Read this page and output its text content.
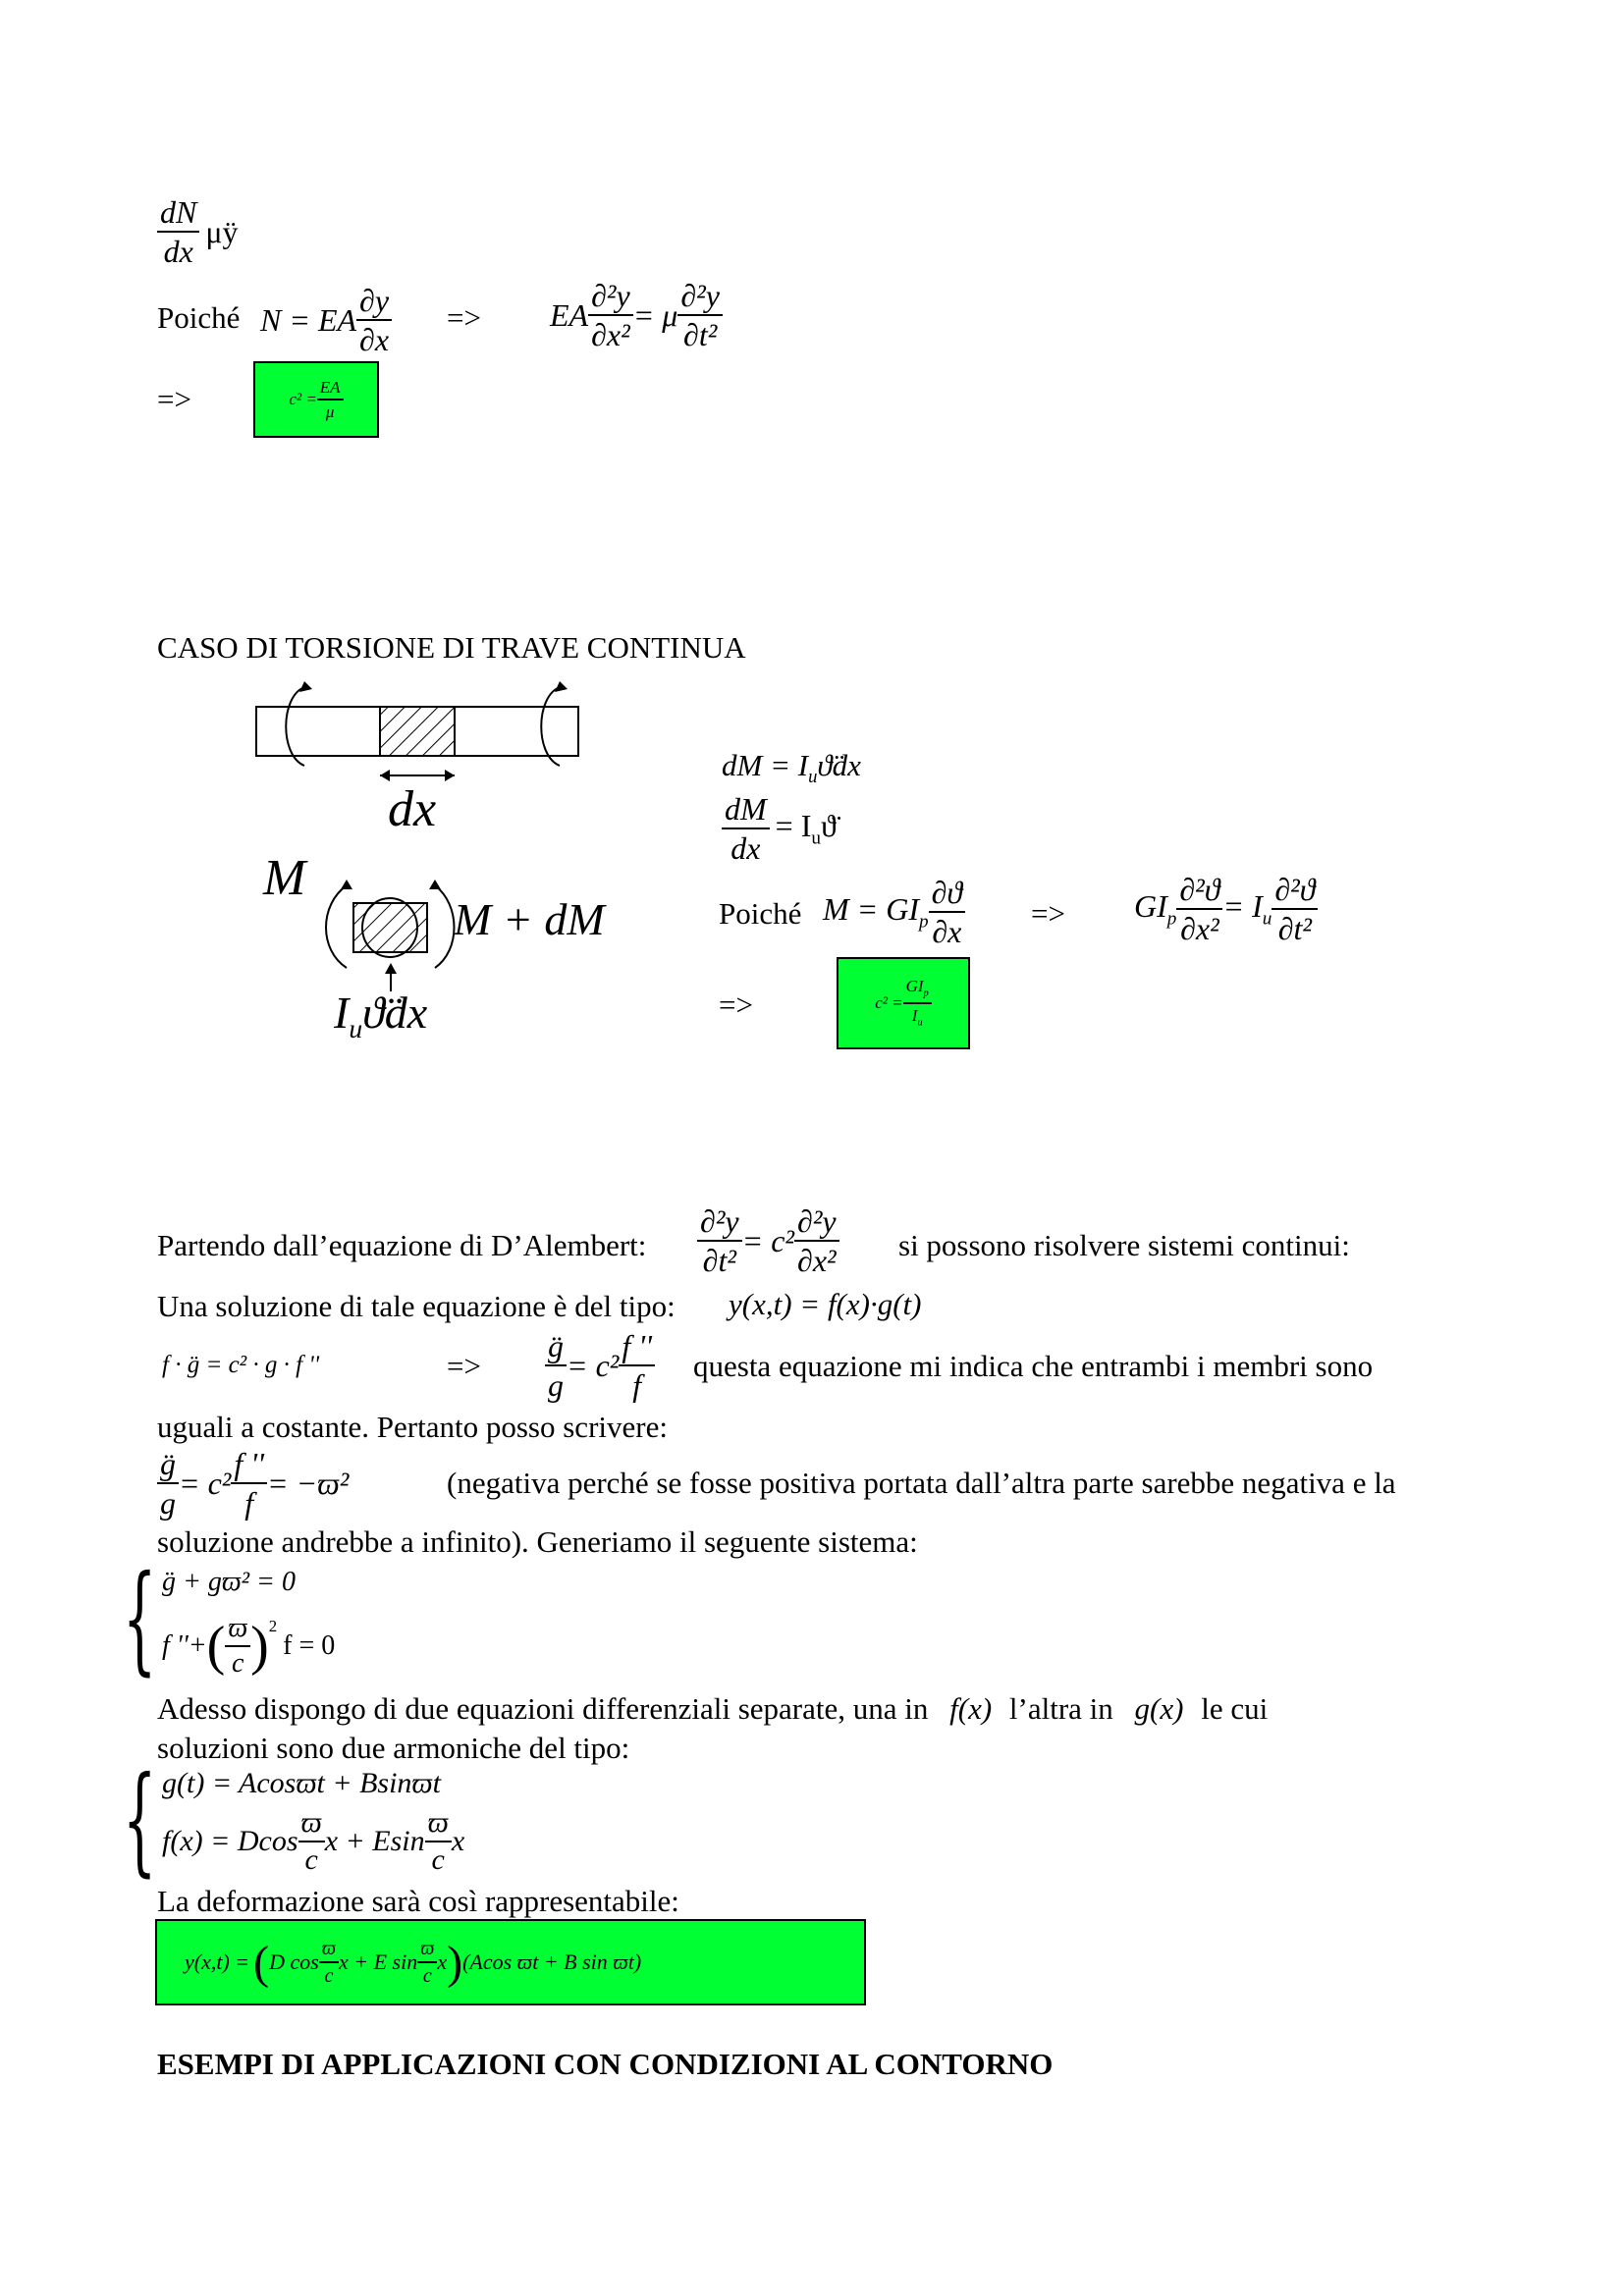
$\frac{dN}{dx}$ μÿ
Poiché N = EA $\frac{\partial y}{\partial x}$ => EA $\frac{\text{∂²y}}{\text{∂x²}} = \mu \frac{\text{∂²y}}{\text{∂t²}}$
=>	$c^2 = \frac{EA}{\mu}$
CASO DI TORSIONE DI TRAVE CONTINUA
dx
M
M + dM
$I_uϑ̈dx$
dM = $I_uϑ̈dx$
$\frac{dM}{dx}$ = $I_uϑ̈$
Poiché $M = GI_p \frac{\partial ϑ}{\partial x} => GI_p \frac{\text{∂²ϑ}}{\text{∂x²}} = I_u \frac{\text{∂²ϑ}}{\text{∂t²}}$
=>	$c^2 = \frac{GI_p}{I_u}$
Partendo dall’equazione di D’Alembert: $\frac{\text{∂²y}}{\text{∂t²}} = c^2 \frac{\text{∂²y}}{\text{∂x²}}$ si possono risolvere sistemi continui:
Una soluzione di tale equazione è del tipo: y(x,t) = f(x)·g(t)
f · g̈ = c² · g · f ''	=> $\frac{g̈}{g} = c^2 \frac{f ''}{f}$ questa equazione mi indica che entrambi i membri sono
uguali a costante. Pertanto posso scrivere:
$\frac{g̈}{g} = c^2 \frac{f ''}{f} = -ϖ^2$	(negativa perché se fosse positiva portata dall’altra parte sarebbe negativa e la
soluzione andrebbe a infinito). Generiamo il seguente sistema:
{ g̈ + gϖ² = 0
f ''+ ( $\frac{ϖ}{c} )^2$
f = 0
Adesso dispongo di due equazioni differenziali separate, una in f(x) l’altra in g(x) le cui
soluzioni sono due armoniche del tipo:
{ g(t) = Acosϖt + Bsinϖt
f(x) = Dcos $\frac{ϖ}{c}$ x + Esin $\frac{ϖ}{c}$ x
La deformazione sarà così rappresentabile:
y(x,t) = ( D $\cos \frac{ϖ}{c}$ x + E $\sin \frac{ϖ}{c}$ x ) (Acos ϖt + B sin ϖt)
ESEMPI DI APPLICAZIONI CON CONDIZIONI AL CONTORNO
